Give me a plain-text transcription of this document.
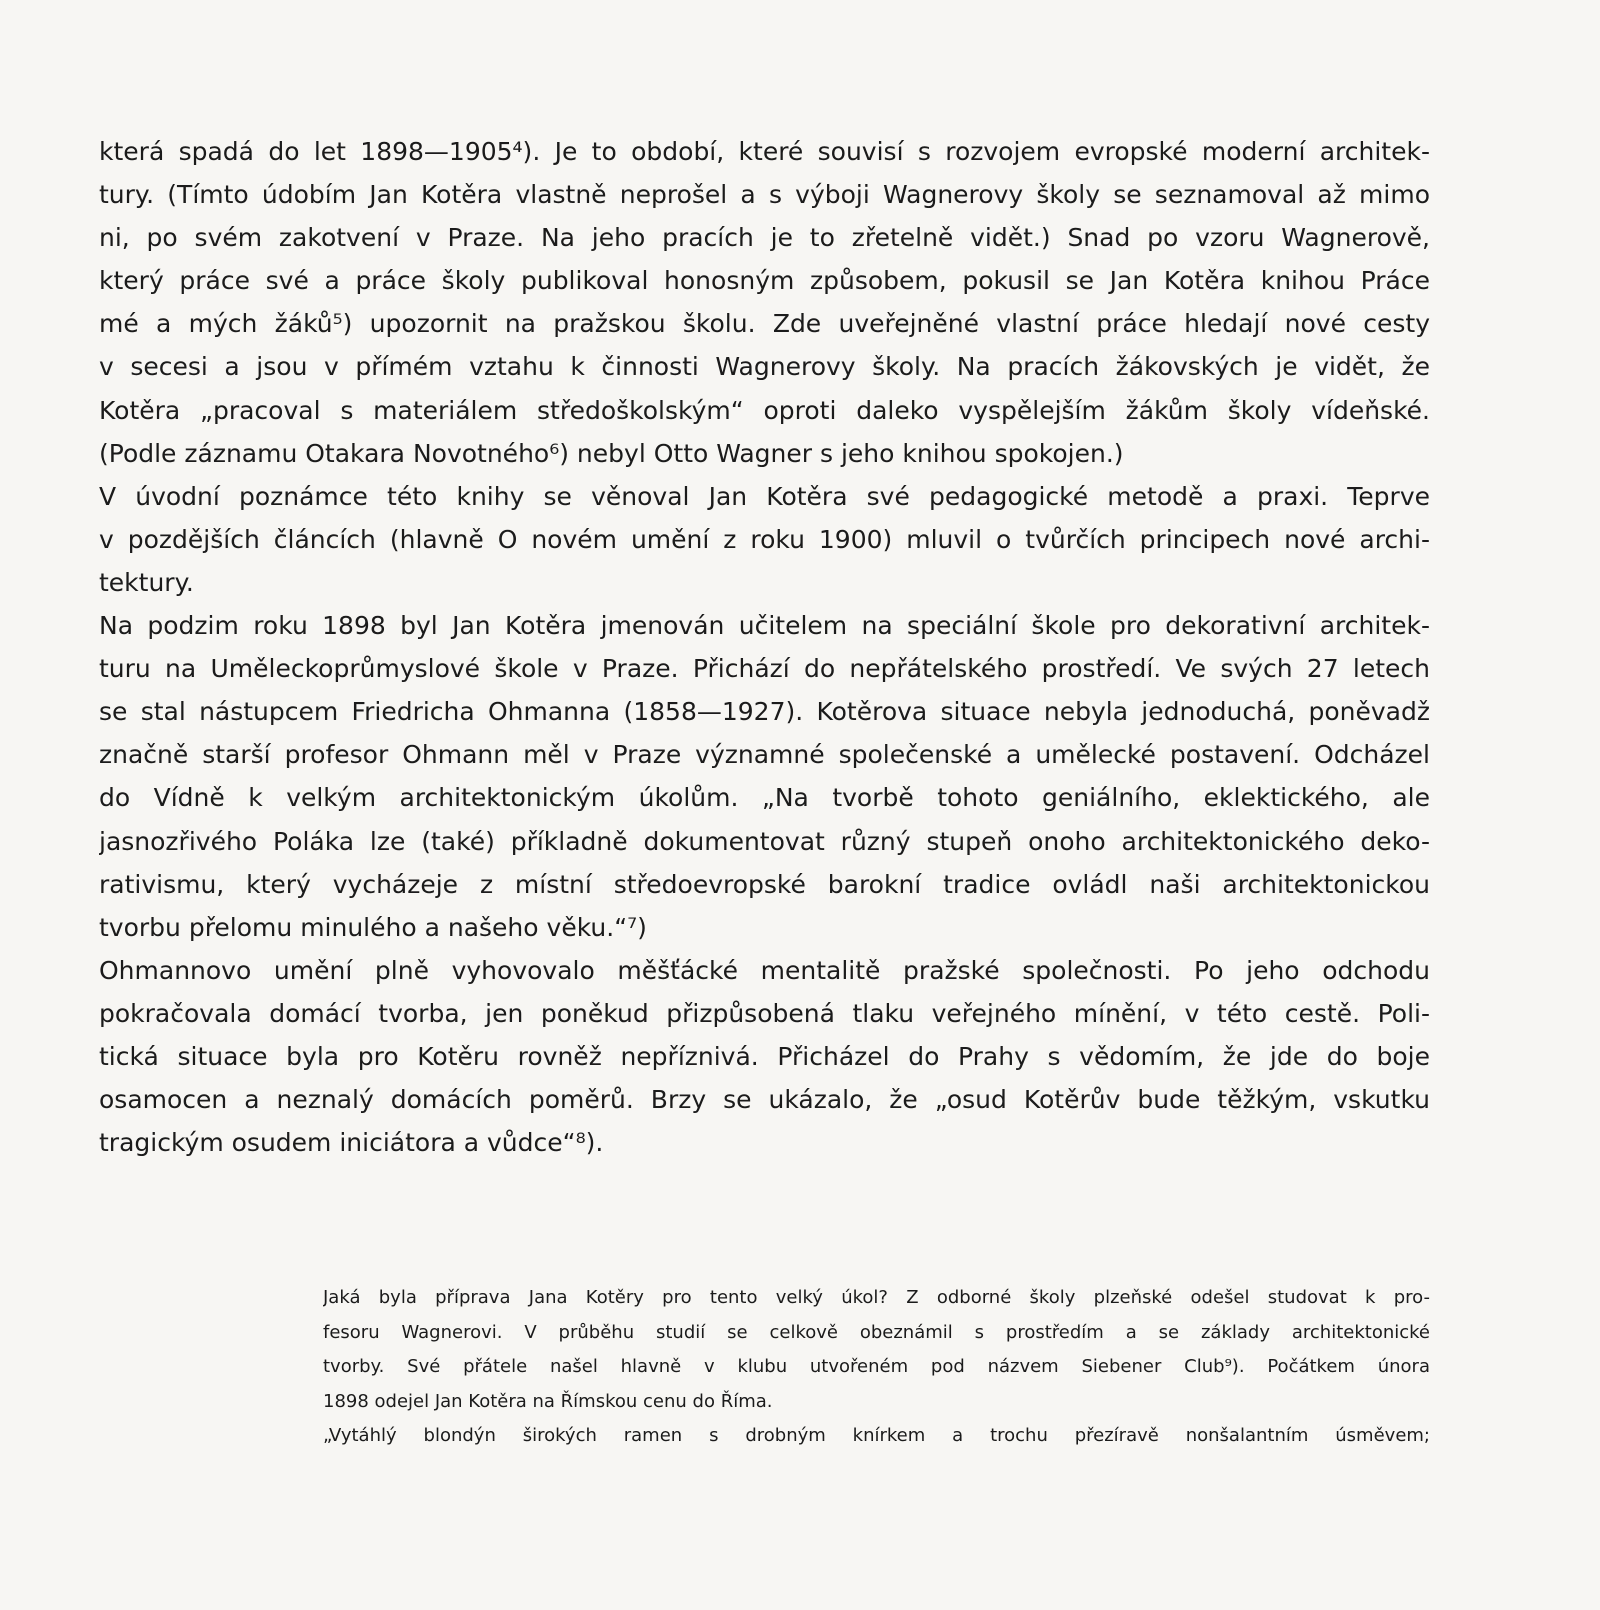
která spadá do let 1898—1905⁴). Je to období, které souvisí s rozvojem evropské moderní architek-
tury. (Tímto údobím Jan Kotěra vlastně neprošel a s výboji Wagnerovy školy se seznamoval až mimo
ni, po svém zakotvení v Praze. Na jeho pracích je to zřetelně vidět.) Snad po vzoru Wagnerově,
který práce své a práce školy publikoval honosným způsobem, pokusil se Jan Kotěra knihou Práce
mé a mých žáků⁵) upozornit na pražskou školu. Zde uveřejněné vlastní práce hledají nové cesty
v secesi a jsou v přímém vztahu k činnosti Wagnerovy školy. Na pracích žákovských je vidět, že
Kotěra „pracoval s materiálem středoškolským“ oproti daleko vyspělejším žákům školy vídeňské.
(Podle záznamu Otakara Novotného⁶) nebyl Otto Wagner s jeho knihou spokojen.)
V úvodní poznámce této knihy se věnoval Jan Kotěra své pedagogické metodě a praxi. Teprve
v pozdějších článcích (hlavně O novém umění z roku 1900) mluvil o tvůrčích principech nové archi-
tektury.
Na podzim roku 1898 byl Jan Kotěra jmenován učitelem na speciální škole pro dekorativní architek-
turu na Uměleckoprůmyslové škole v Praze. Přichází do nepřátelského prostředí. Ve svých 27 letech
se stal nástupcem Friedricha Ohmanna (1858—1927). Kotěrova situace nebyla jednoduchá, poněvadž
značně starší profesor Ohmann měl v Praze významné společenské a umělecké postavení. Odcházel
do Vídně k velkým architektonickým úkolům. „Na tvorbě tohoto geniálního, eklektického, ale
jasnozřivého Poláka lze (také) příkladně dokumentovat různý stupeň onoho architektonického deko-
rativismu, který vycházeje z místní středoevropské barokní tradice ovládl naši architektonickou
tvorbu přelomu minulého a našeho věku.“⁷)
Ohmannovo umění plně vyhovovalo měšťácké mentalitě pražské společnosti. Po jeho odchodu
pokračovala domácí tvorba, jen poněkud přizpůsobená tlaku veřejného mínění, v této cestě. Poli-
tická situace byla pro Kotěru rovněž nepříznivá. Přicházel do Prahy s vědomím, že jde do boje
osamocen a neznalý domácích poměrů. Brzy se ukázalo, že „osud Kotěrův bude těžkým, vskutku
tragickým osudem iniciátora a vůdce“⁸).
Jaká byla příprava Jana Kotěry pro tento velký úkol? Z odborné školy plzeňské odešel studovat k pro-
fesoru Wagnerovi. V průběhu studií se celkově obeznámil s prostředím a se základy architektonické
tvorby. Své přátele našel hlavně v klubu utvořeném pod názvem Siebener Club⁹). Počátkem února
1898 odejel Jan Kotěra na Římskou cenu do Říma.
„Vytáhlý blondýn širokých ramen s drobným knírkem a trochu přezíravě nonšalantním úsměvem;
